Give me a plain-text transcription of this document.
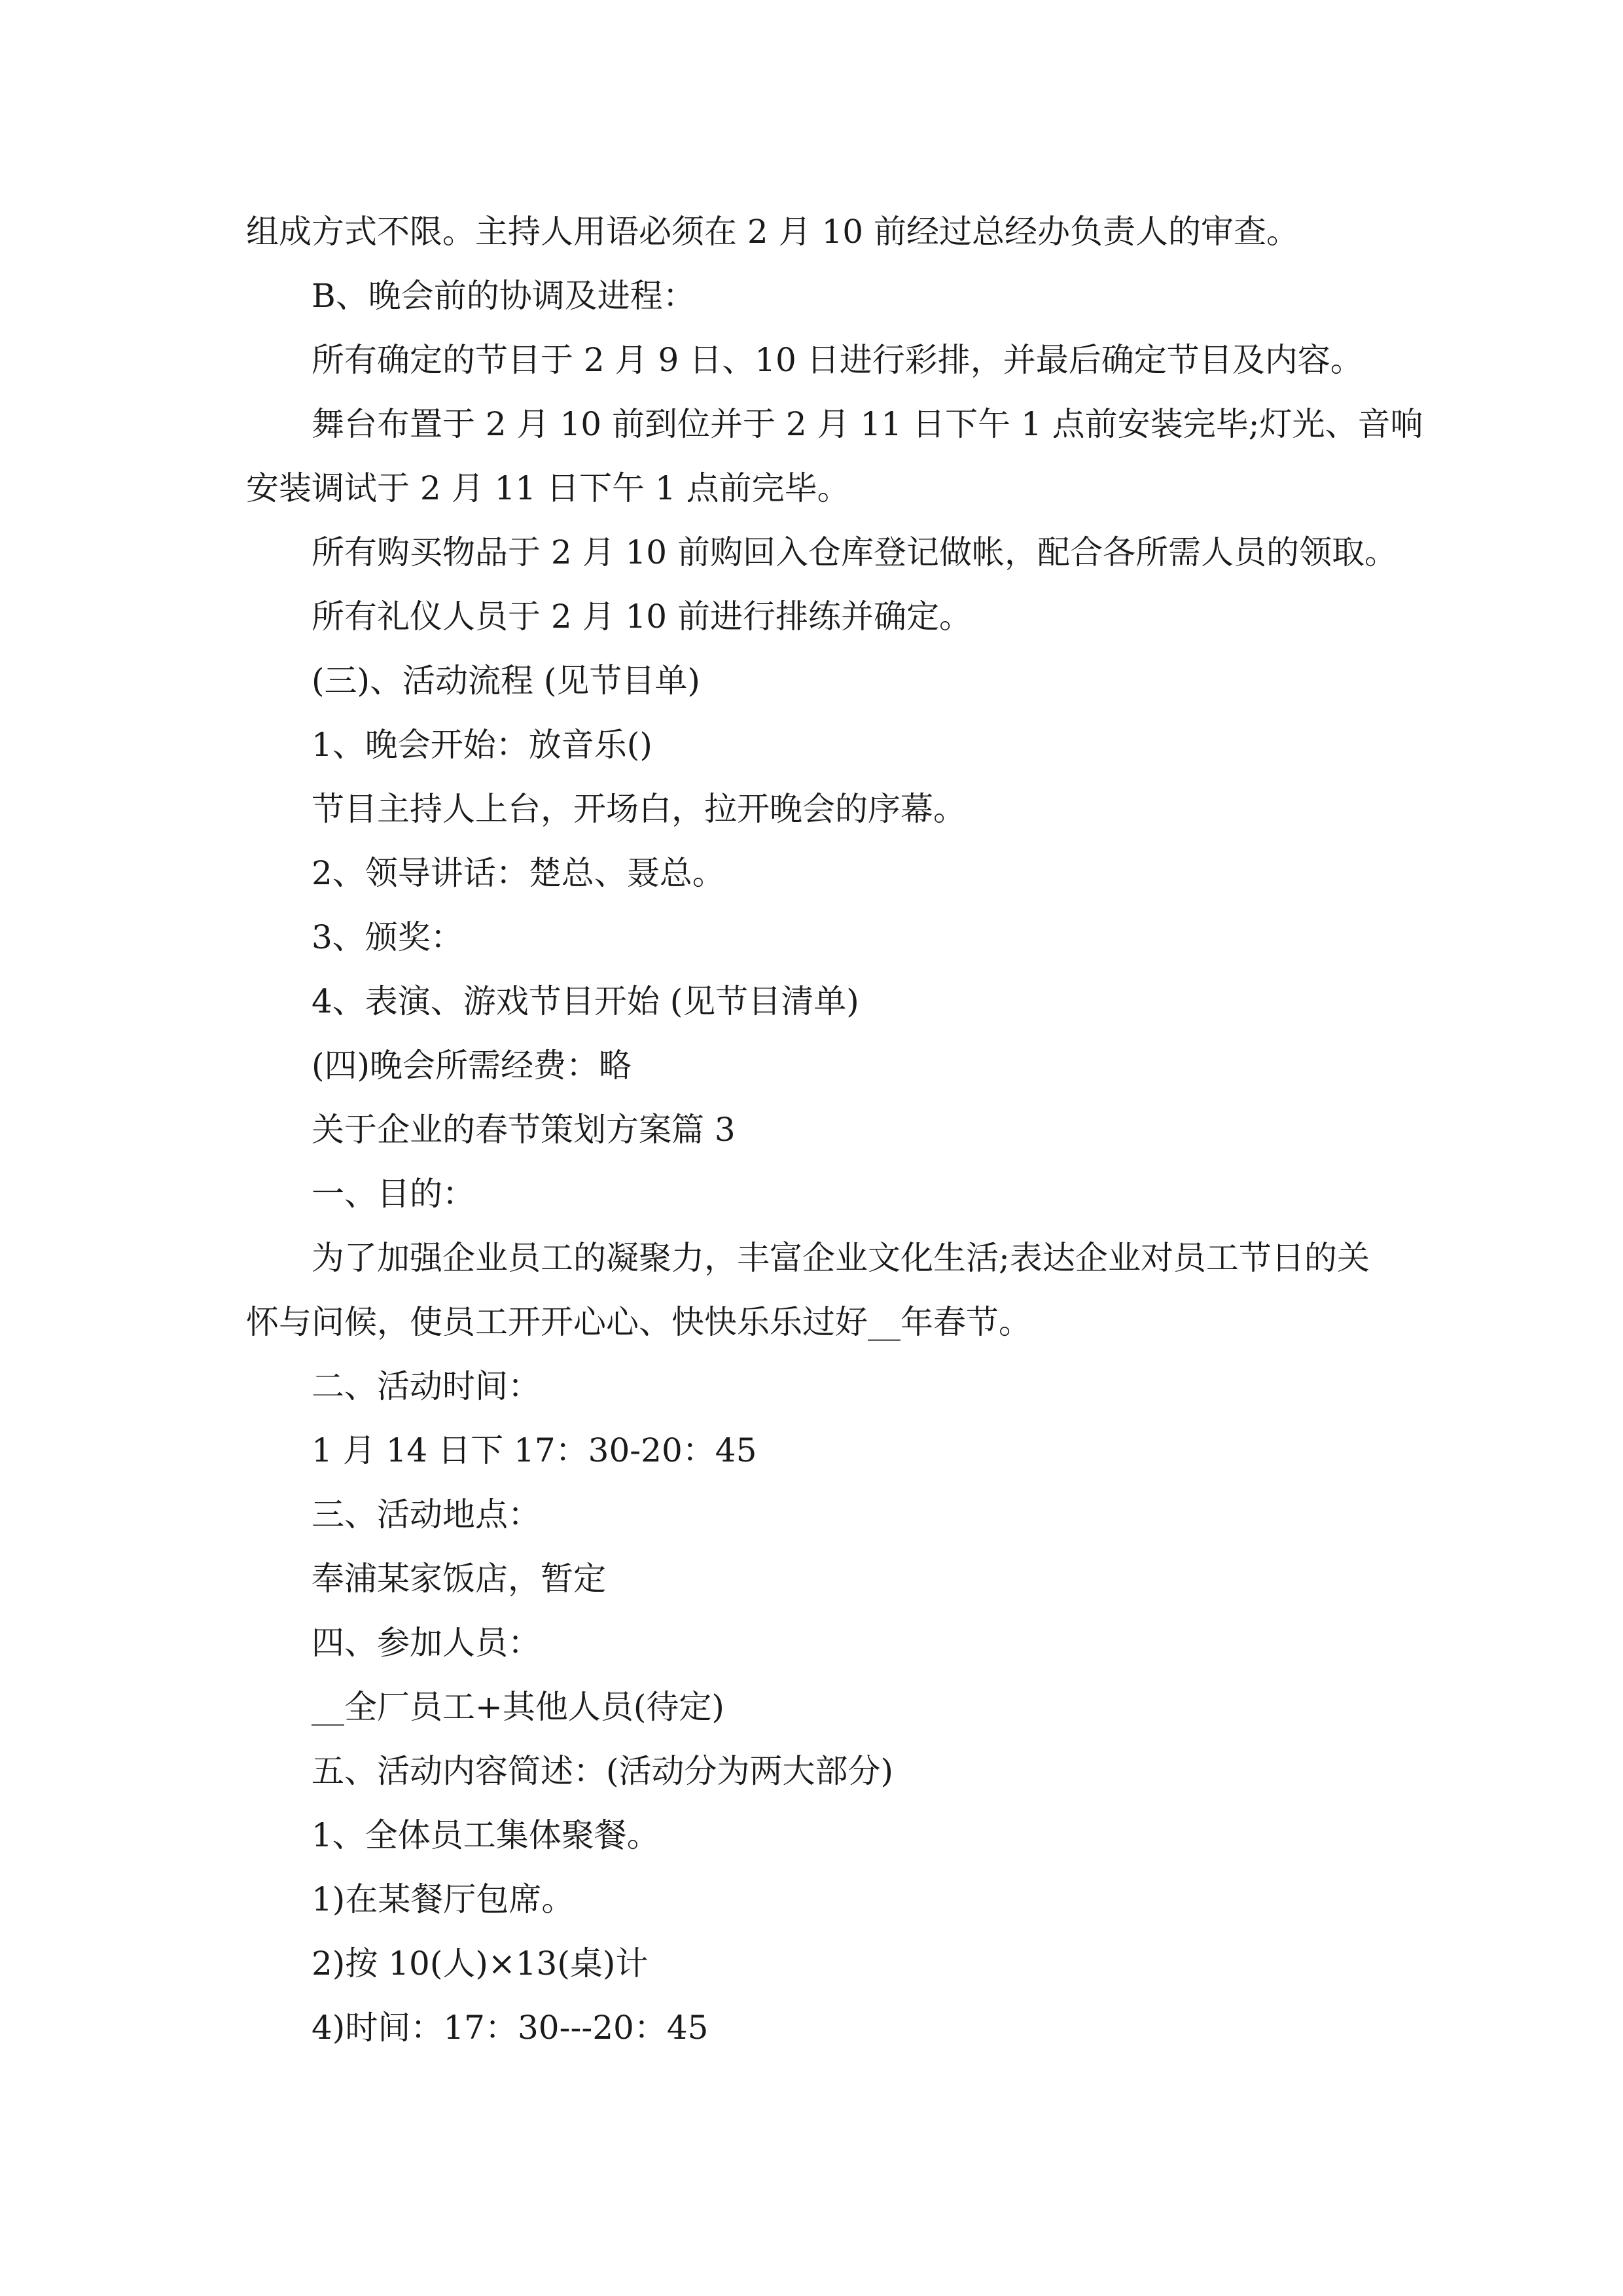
组成方式不限。主持人用语必须在 2 月 10 前经过总经办负责人的审查。

B、晚会前的协调及进程：

所有确定的节目于 2 月 9 日、10 日进行彩排，并最后确定节目及内容。

舞台布置于 2 月 10 前到位并于 2 月 11 日下午 1 点前安装完毕;灯光、音响

安装调试于 2 月 11 日下午 1 点前完毕。

所有购买物品于 2 月 10 前购回入仓库登记做帐，配合各所需人员的领取。

所有礼仪人员于 2 月 10 前进行排练并确定。

(三)、活动流程 (见节目单)

1、晚会开始：放音乐()

节目主持人上台，开场白，拉开晚会的序幕。

2、领导讲话：楚总、聂总。

3、颁奖：

4、表演、游戏节目开始 (见节目清单)

(四)晚会所需经费：略

关于企业的春节策划方案篇 3

一、目的：

为了加强企业员工的凝聚力，丰富企业文化生活;表达企业对员工节日的关

怀与问候，使员工开开心心、快快乐乐过好__年春节。

二、活动时间：

1 月 14 日下 17：30-20：45

三、活动地点：

奉浦某家饭店，暂定

四、参加人员：

__全厂员工+其他人员(待定)

五、活动内容简述：(活动分为两大部分)

1、全体员工集体聚餐。

1)在某餐厅包席。

2)按 10(人)×13(桌)计

4)时间：17：30---20：45
